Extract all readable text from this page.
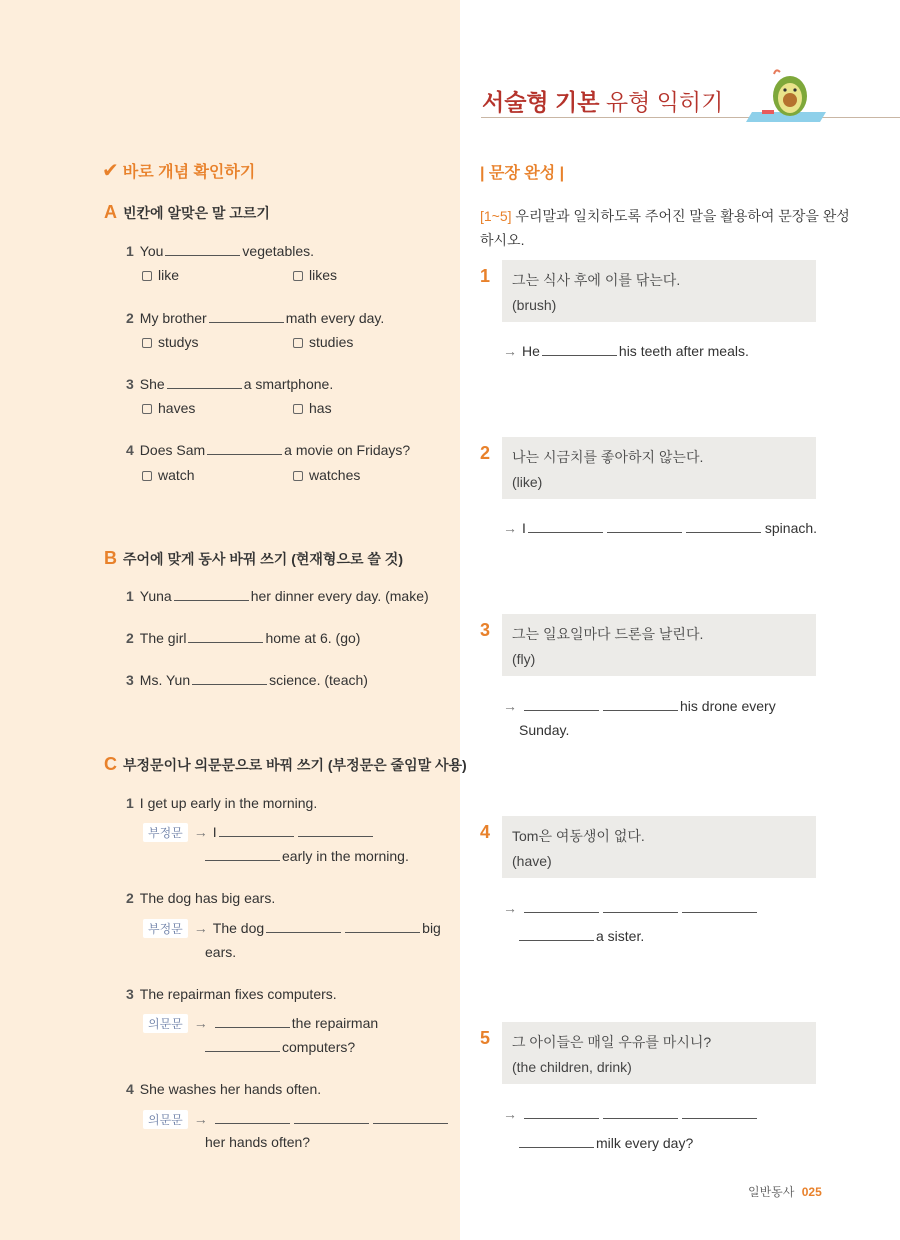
서술형 기본 유형 익히기
✔ 바로 개념 확인하기
A 빈칸에 알맞은 말 고르기
1 You	vegetables.
like	likes
2 My brother	math every day.
studys	studies
3 She	a smartphone.
haves	has
4 Does Sam	a movie on Fridays?
watch	watches
B 주어에 맞게 동사 바꿔 쓰기 (현재형으로 쓸 것)
1 Yuna	her dinner every day. (make)
2 The girl	home at 6. (go)
3 Ms. Yun	science. (teach)
C 부정문이나 의문문으로 바꿔 쓰기 (부정문은 줄임말 사용)
1 I get up early in the morning.
부정문 → I
early in the morning.
2 The dog has big ears.
부정문 → The dog	big
ears.
3 The repairman fixes computers.
의문문 →	the repairman
computers?
4 She washes her hands often.
의문문 →
her hands often?
| 문장 완성 |
[1~5] 우리말과 일치하도록 주어진 말을 활용하여 문장을 완성
하시오.
1 그는 식사 후에 이를 닦는다.
(brush)
→ He	his teeth after meals.
2 나는 시금치를 좋아하지 않는다.
(like)
→ I	spinach.
3 그는 일요일마다 드론을 날린다.
(fly)
→	his drone every
Sunday.
4 Tom은 여동생이 없다.
(have)
→
a sister.
5 그 아이들은 매일 우유를 마시니?
(the children, drink)
→
milk every day?
일반동사 025
